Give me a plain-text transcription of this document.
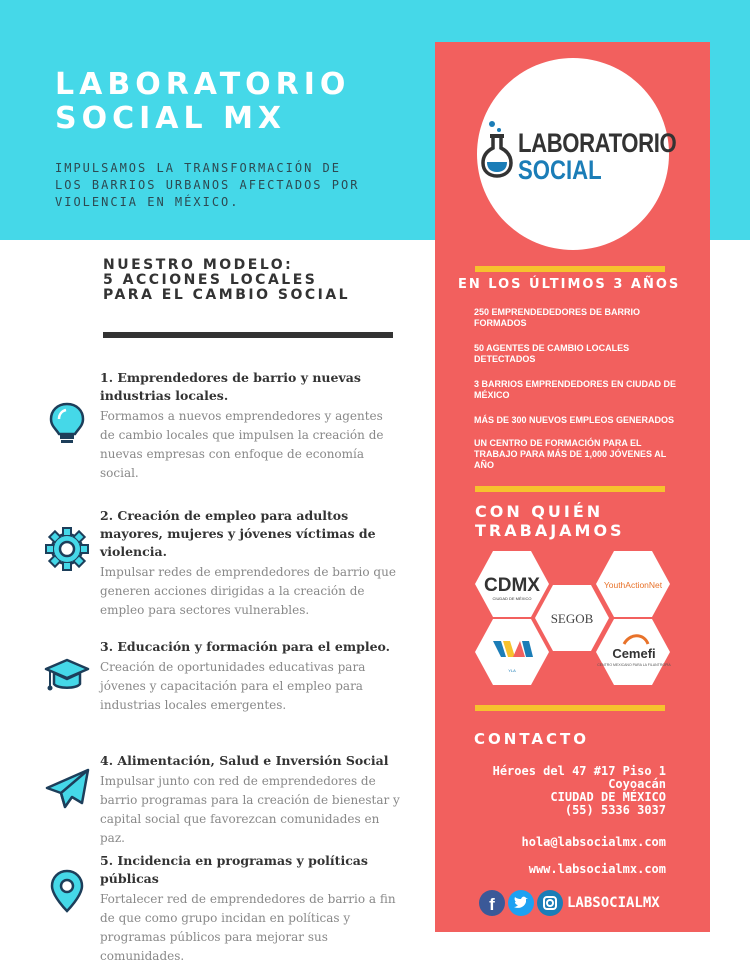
LABORATORIO
SOCIAL MX
IMPULSAMOS LA TRANSFORMACIÓN DE LOS BARRIOS URBANOS AFECTADOS POR VIOLENCIA EN MÉXICO.
NUESTRO MODELO:
5 ACCIONES LOCALES
PARA EL CAMBIO SOCIAL
1. Emprendedores de barrio y nuevas industrias locales.
Formamos a nuevos emprendedores y agentes de cambio locales que impulsen la creación de nuevas empresas con enfoque de economía social.
2. Creación de empleo para adultos mayores, mujeres y jóvenes víctimas de violencia.
Impulsar redes de emprendedores de barrio que generen acciones dirigidas a la creación de empleo para sectores vulnerables.
3. Educación y formación para el empleo.
Creación de oportunidades educativas para jóvenes y capacitación para el empleo para industrias locales emergentes.
4. Alimentación, Salud e Inversión Social
Impulsar junto con red de emprendedores de barrio programas para la creación de bienestar y capital social que favorezcan comunidades en paz.
5. Incidencia en programas y políticas públicas
Fortalecer red de emprendedores de barrio a fin de que como grupo incidan en políticas y programas públicos para mejorar sus comunidades.
LABORATORIO
SOCIAL
EN LOS ÚLTIMOS 3 AÑOS
250 EMPRENDEDEDORES DE BARRIO FORMADOS
50 AGENTES DE CAMBIO LOCALES DETECTADOS
3 BARRIOS EMPRENDEDORES EN CIUDAD DE MÉXICO
MÁS DE 300 NUEVOS EMPLEOS GENERADOS
UN CENTRO DE FORMACIÓN PARA EL TRABAJO PARA MÁS DE 1,000 JÓVENES AL AÑO
CON QUIÉN
TRABAJAMOS
CDMX
CIUDAD DE MÉXICO
YouthActionNet
SEGOB
YLA
Cemefi
CENTRO MEXICANO PARA LA FILANTROPÍA
CONTACTO
Héroes del 47 #17 Piso 1
Coyoacán
CIUDAD DE MÉXICO
(55) 5336 3037
hola@labsocialmx.com
www.labsocialmx.com
f	LABSOCIALMX
